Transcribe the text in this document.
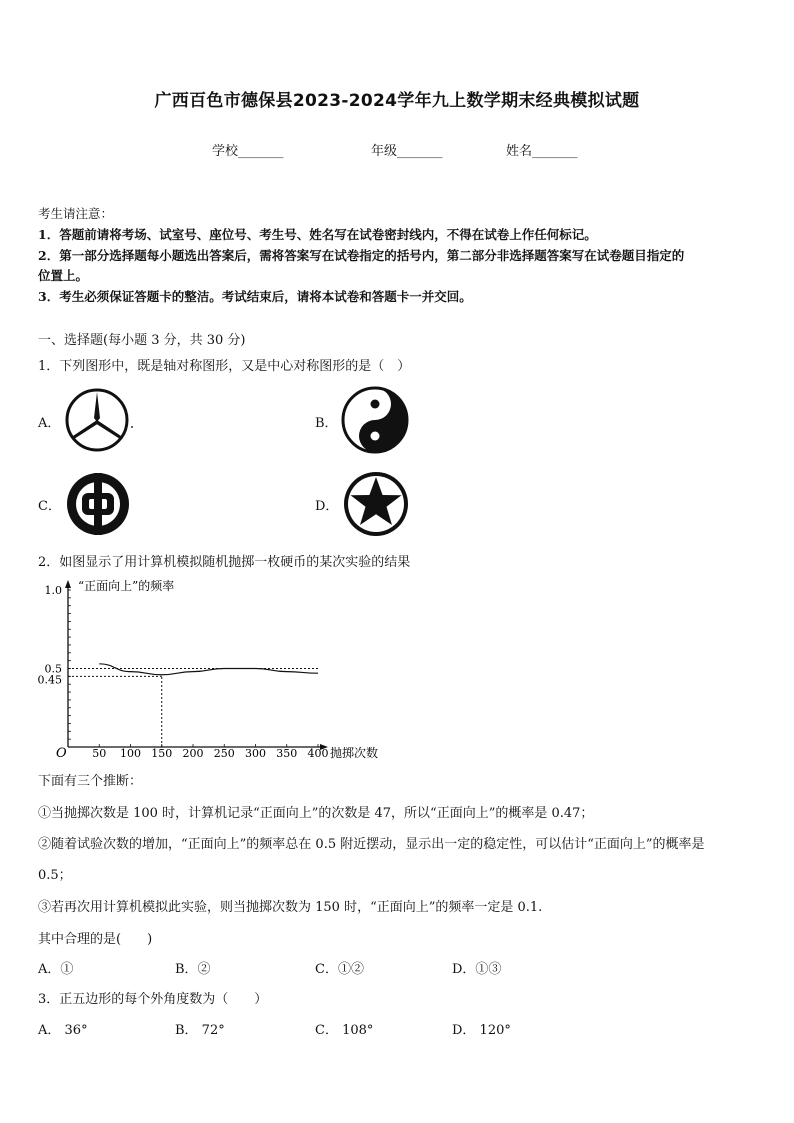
广西百色市德保县2023-2024学年九上数学期末经典模拟试题
学校_______	年级_______	姓名_______
考生请注意：
1．答题前请将考场、试室号、座位号、考生号、姓名写在试卷密封线内，不得在试卷上作任何标记。
2．第一部分选择题每小题选出答案后，需将答案写在试卷指定的括号内，第二部分非选择题答案写在试卷题目指定的
位置上。
3．考生必须保证答题卡的整洁。考试结束后，请将本试卷和答题卡一并交回。
一、选择题(每小题 3 分，共 30 分)
1．下列图形中，既是轴对称图形，又是中心对称图形的是（　）
A．	B．
C．	D．
2．如图显示了用计算机模拟随机抛掷一枚硬币的某次实验的结果
50 100 150 200 250 300 350 400
1.0
0.5
0.45
O
“正面向上”的频率
抛掷次数
下面有三个推断：
①当抛掷次数是 100 时，计算机记录“正面向上”的次数是 47，所以“正面向上”的概率是 0.47；
②随着试验次数的增加，“正面向上”的频率总在 0.5 附近摆动，显示出一定的稳定性，可以估计“正面向上”的概率是
0.5；
③若再次用计算机模拟此实验，则当抛掷次数为 150 时，“正面向上”的频率一定是 0.1.
其中合理的是(　　)
A．①	B．②	C．①②	D．①③
3．正五边形的每个外角度数为（　　）
A． 36°	B． 72°	C． 108°	D． 120°
